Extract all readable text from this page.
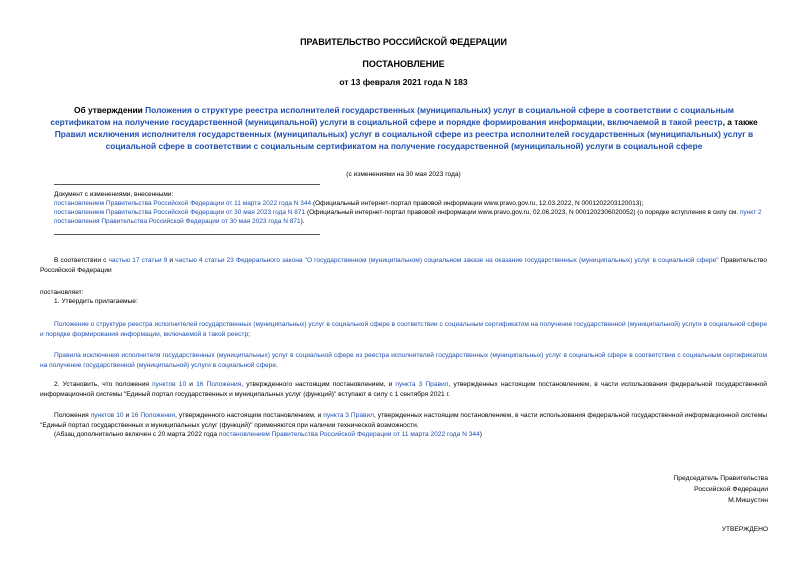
ПРАВИТЕЛЬСТВО РОССИЙСКОЙ ФЕДЕРАЦИИ
ПОСТАНОВЛЕНИЕ
от 13 февраля 2021 года N 183
Об утверждении Положения о структуре реестра исполнителей государственных (муниципальных) услуг в социальной сфере в соответствии с социальным сертификатом на получение государственной (муниципальной) услуги в социальной сфере и порядке формирования информации, включаемой в такой реестр, а также Правил исключения исполнителя государственных (муниципальных) услуг в социальной сфере из реестра исполнителей государственных (муниципальных) услуг в социальной сфере в соответствии с социальным сертификатом на получение государственной (муниципальной) услуги в социальной сфере
(с изменениями на 30 мая 2023 года)

Документ с изменениями, внесенными:

постановлением Правительства Российской Федерации от 11 марта 2022 года N 344 (Официальный интернет-портал правовой информации www.pravo.gov.ru, 12.03.2022, N 0001202203120013);

постановлением Правительства Российской Федерации от 30 мая 2023 года N 871 (Официальный интернет-портал правовой информации www.pravo.gov.ru, 02.06.2023, N 0001202306020052) (о порядке вступления в силу см. пункт 2 постановления Правительства Российской Федерации от 30 мая 2023 года N 871).

В соответствии с частью 17 статьи 9 и частью 4 статьи 23 Федерального закона "О государственном (муниципальном) социальном заказе на оказание государственных (муниципальных) услуг в социальной сфере" Правительство Российской Федерации

постановляет:

1. Утвердить прилагаемые:

Положение о структуре реестра исполнителей государственных (муниципальных) услуг в социальной сфере в соответствии с социальным сертификатом на получение государственной (муниципальной) услуги в социальной сфере и порядке формирования информации, включаемой в такой реестр;

Правила исключения исполнителя государственных (муниципальных) услуг в социальной сфере из реестра исполнителей государственных (муниципальных) услуг в социальной сфере в соответствии с социальным сертификатом на получение государственной (муниципальной) услуги в социальной сфере.

2. Установить, что положения пунктов 10 и 16 Положения, утвержденного настоящим постановлением, и пункта 3 Правил, утвержденных настоящим постановлением, в части использования федеральной государственной информационной системы "Единый портал государственных и муниципальных услуг (функций)" вступают в силу с 1 сентября 2021 г.

Положения пунктов 10 и 16 Положения, утвержденного настоящим постановлением, и пункта 3 Правил, утвержденных настоящим постановлением, в части использования федеральной государственной информационной системы "Единый портал государственных и муниципальных услуг (функций)" применяются при наличии технической возможности.

(Абзац дополнительно включен с 20 марта 2022 года постановлением Правительства Российской Федерации от 11 марта 2022 года N 344)

Председатель Правительства
Российской Федерации
М.Мишустин
УТВЕРЖДЕНО
